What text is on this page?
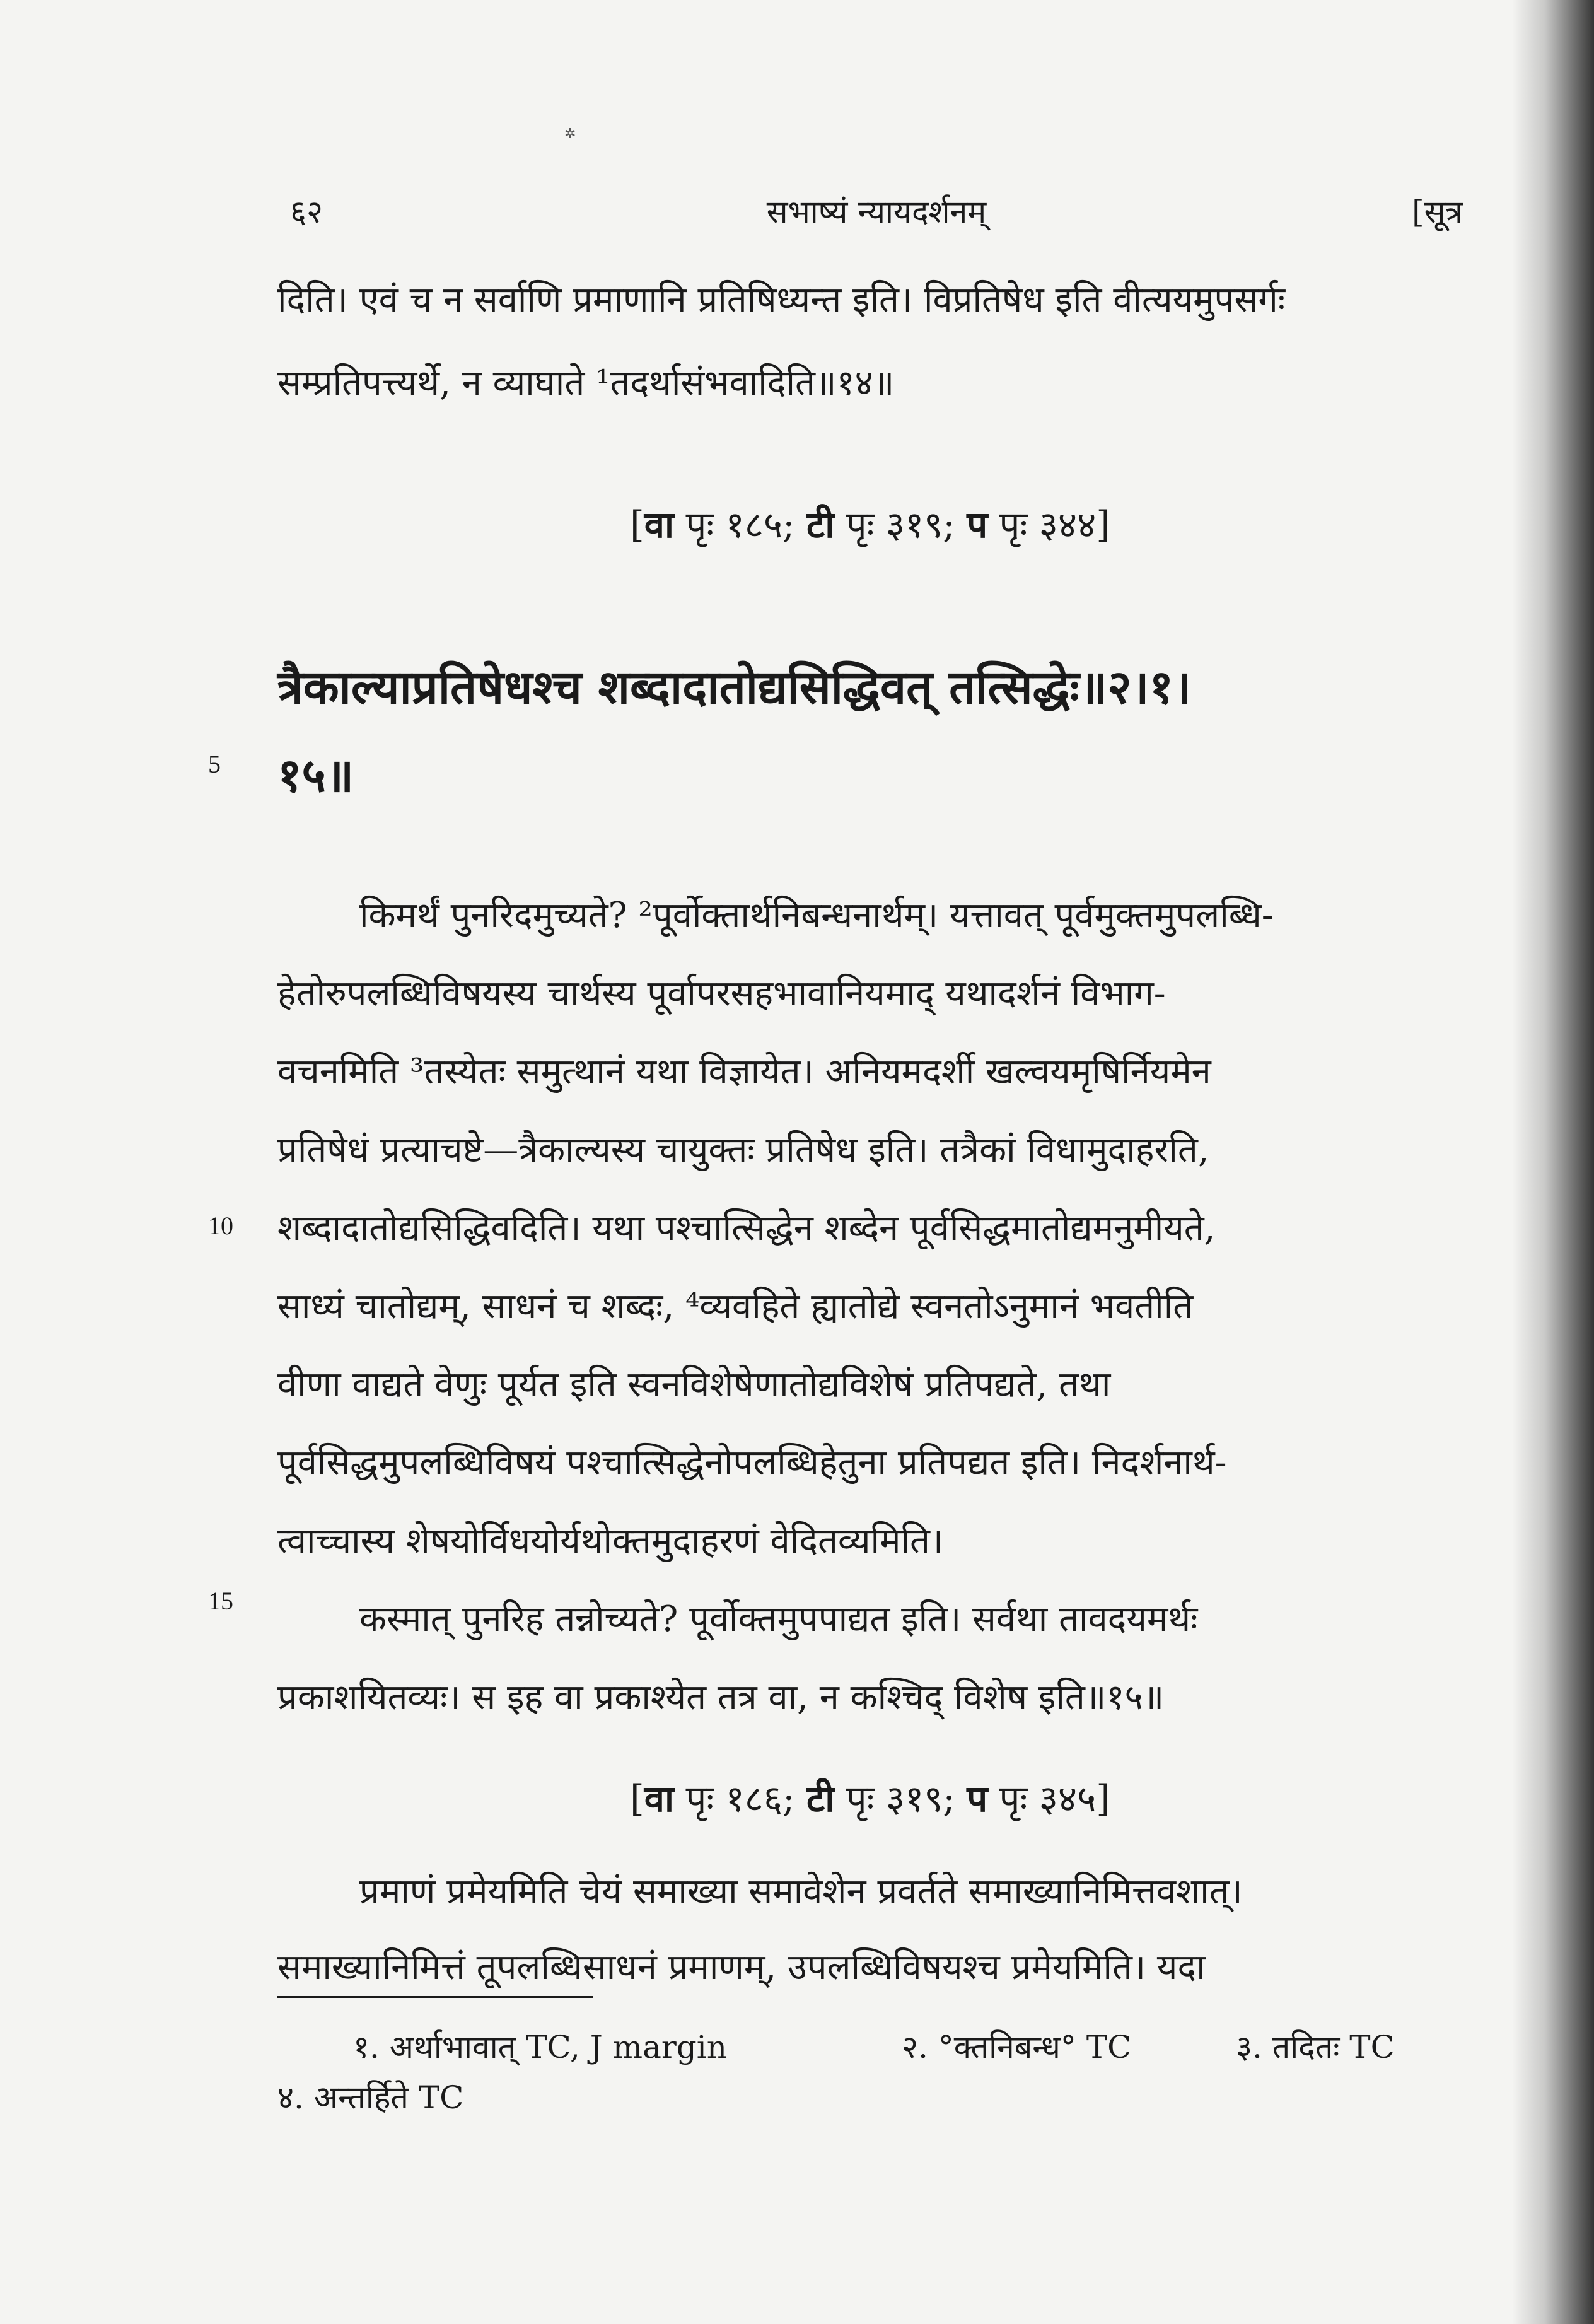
✲
६२	सभाष्यं न्यायदर्शनम्	[सूत्र

दिति। एवं च न सर्वाणि प्रमाणानि प्रतिषिध्यन्त इति। विप्रतिषेध इति वीत्ययमुपसर्गः

सम्प्रतिपत्त्यर्थे, न व्याघाते ¹तदर्थासंभवादिति॥१४॥

[वा पृः १८५; टी पृः ३१९; प पृः ३४४]
त्रैकाल्याप्रतिषेधश्च शब्दादातोद्यसिद्धिवत् तत्सिद्धेः॥२।१।
१५॥
5
10
15

किमर्थं पुनरिदमुच्यते? ²पूर्वोक्तार्थनिबन्धनार्थम्। यत्तावत् पूर्वमुक्तमुपलब्धि-

हेतोरुपलब्धिविषयस्य चार्थस्य पूर्वापरसहभावानियमाद् यथादर्शनं विभाग-

वचनमिति ³तस्येतः समुत्थानं यथा विज्ञायेत। अनियमदर्शी खल्वयमृषिर्नियमेन

प्रतिषेधं प्रत्याचष्टे—त्रैकाल्यस्य चायुक्तः प्रतिषेध इति। तत्रैकां विधामुदाहरति,

शब्दादातोद्यसिद्धिवदिति। यथा पश्चात्सिद्धेन शब्देन पूर्वसिद्धमातोद्यमनुमीयते,

साध्यं चातोद्यम्, साधनं च शब्दः, ⁴व्यवहिते ह्यातोद्ये स्वनतोऽनुमानं भवतीति

वीणा वाद्यते वेणुः पूर्यत इति स्वनविशेषेणातोद्यविशेषं प्रतिपद्यते, तथा

पूर्वसिद्धमुपलब्धिविषयं पश्चात्सिद्धेनोपलब्धिहेतुना प्रतिपद्यत इति। निदर्शनार्थ-

त्वाच्चास्य शेषयोर्विधयोर्यथोक्तमुदाहरणं वेदितव्यमिति।

कस्मात् पुनरिह तन्नोच्यते? पूर्वोक्तमुपपाद्यत इति। सर्वथा तावदयमर्थः

प्रकाशयितव्यः। स इह वा प्रकाश्येत तत्र वा, न कश्चिद् विशेष इति॥१५॥

[वा पृः १८६; टी पृः ३१९; प पृः ३४५]

प्रमाणं प्रमेयमिति चेयं समाख्या समावेशेन प्रवर्तते समाख्यानिमित्तवशात्।

समाख्यानिमित्तं तूपलब्धिसाधनं प्रमाणम्, उपलब्धिविषयश्च प्रमेयमिति। यदा

१. अर्थाभावात् TC, J margin	२. °क्तनिबन्ध° TC	३. तदितः TC
४. अन्तर्हिते TC
